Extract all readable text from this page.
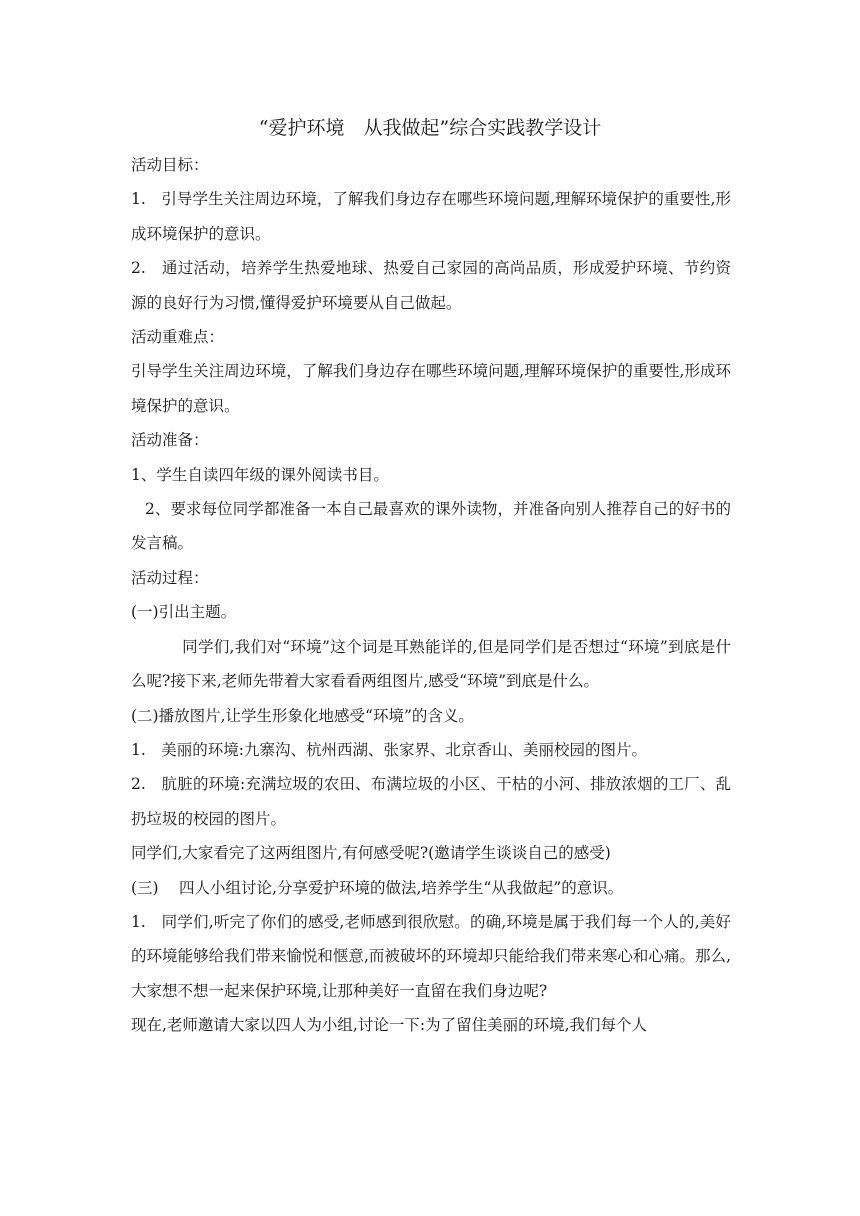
“爱护环境　从我做起”综合实践教学设计

活动目标：

1.　引导学生关注周边环境，了解我们身边存在哪些环境问题,理解环境保护的重要性,形成环境保护的意识。

2.　通过活动，培养学生热爱地球、热爱自己家园的高尚品质，形成爱护环境、节约资源的良好行为习惯,懂得爱护环境要从自己做起。

活动重难点：

引导学生关注周边环境，了解我们身边存在哪些环境问题,理解环境保护的重要性,形成环境保护的意识。

活动准备：

1、学生自读四年级的课外阅读书目。

2、要求每位同学都准备一本自己最喜欢的课外读物，并准备向别人推荐自己的好书的发言稿。

活动过程：

(一)引出主题。

同学们,我们对“环境”这个词是耳熟能详的,但是同学们是否想过“环境”到底是什么呢?接下来,老师先带着大家看看两组图片,感受“环境”到底是什么。

(二)播放图片,让学生形象化地感受“环境”的含义。

1.　美丽的环境:九寨沟、杭州西湖、张家界、北京香山、美丽校园的图片。

2.　肮脏的环境:充满垃圾的农田、布满垃圾的小区、干枯的小河、排放浓烟的工厂、乱扔垃圾的校园的图片。

同学们,大家看完了这两组图片,有何感受呢?(邀请学生谈谈自己的感受)

(三)　 四人小组讨论,分享爱护环境的做法,培养学生“从我做起”的意识。

1.　同学们,听完了你们的感受,老师感到很欣慰。的确,环境是属于我们每一个人的,美好的环境能够给我们带来愉悦和惬意,而被破坏的环境却只能给我们带来寒心和心痛。那么,大家想不想一起来保护环境,让那种美好一直留在我们身边呢?

现在,老师邀请大家以四人为小组,讨论一下:为了留住美丽的环境,我们每个人
